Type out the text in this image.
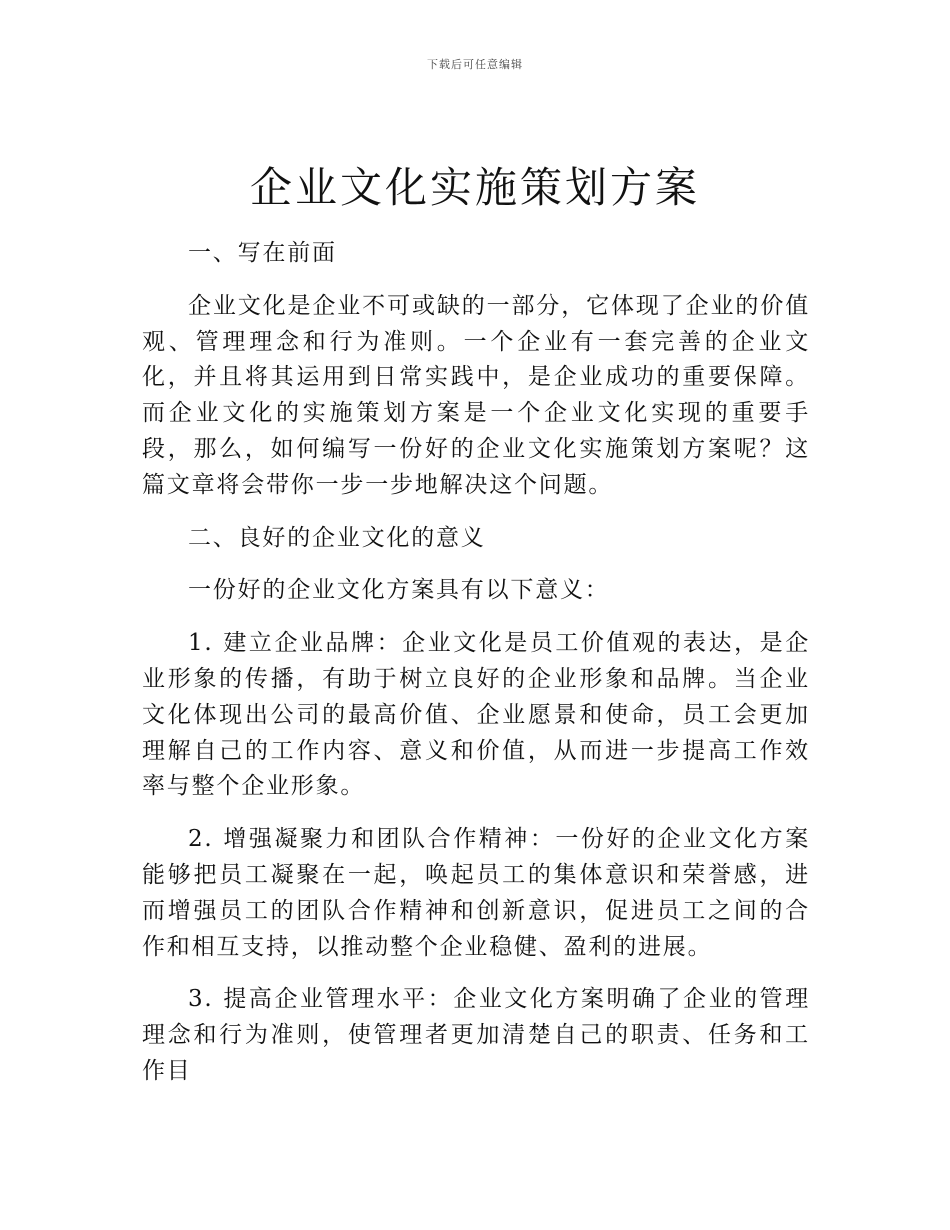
下载后可任意编辑
企业文化实施策划方案

一、写在前面

企业文化是企业不可或缺的一部分，它体现了企业的价值观、管理理念和行为准则。一个企业有一套完善的企业文化，并且将其运用到日常实践中，是企业成功的重要保障。而企业文化的实施策划方案是一个企业文化实现的重要手段，那么，如何编写一份好的企业文化实施策划方案呢？这篇文章将会带你一步一步地解决这个问题。

二、良好的企业文化的意义

一份好的企业文化方案具有以下意义：

1. 建立企业品牌：企业文化是员工价值观的表达，是企业形象的传播，有助于树立良好的企业形象和品牌。当企业文化体现出公司的最高价值、企业愿景和使命，员工会更加理解自己的工作内容、意义和价值，从而进一步提高工作效率与整个企业形象。

2. 增强凝聚力和团队合作精神：一份好的企业文化方案能够把员工凝聚在一起，唤起员工的集体意识和荣誉感，进而增强员工的团队合作精神和创新意识，促进员工之间的合作和相互支持，以推动整个企业稳健、盈利的进展。

3. 提高企业管理水平：企业文化方案明确了企业的管理理念和行为准则，使管理者更加清楚自己的职责、任务和工作目
